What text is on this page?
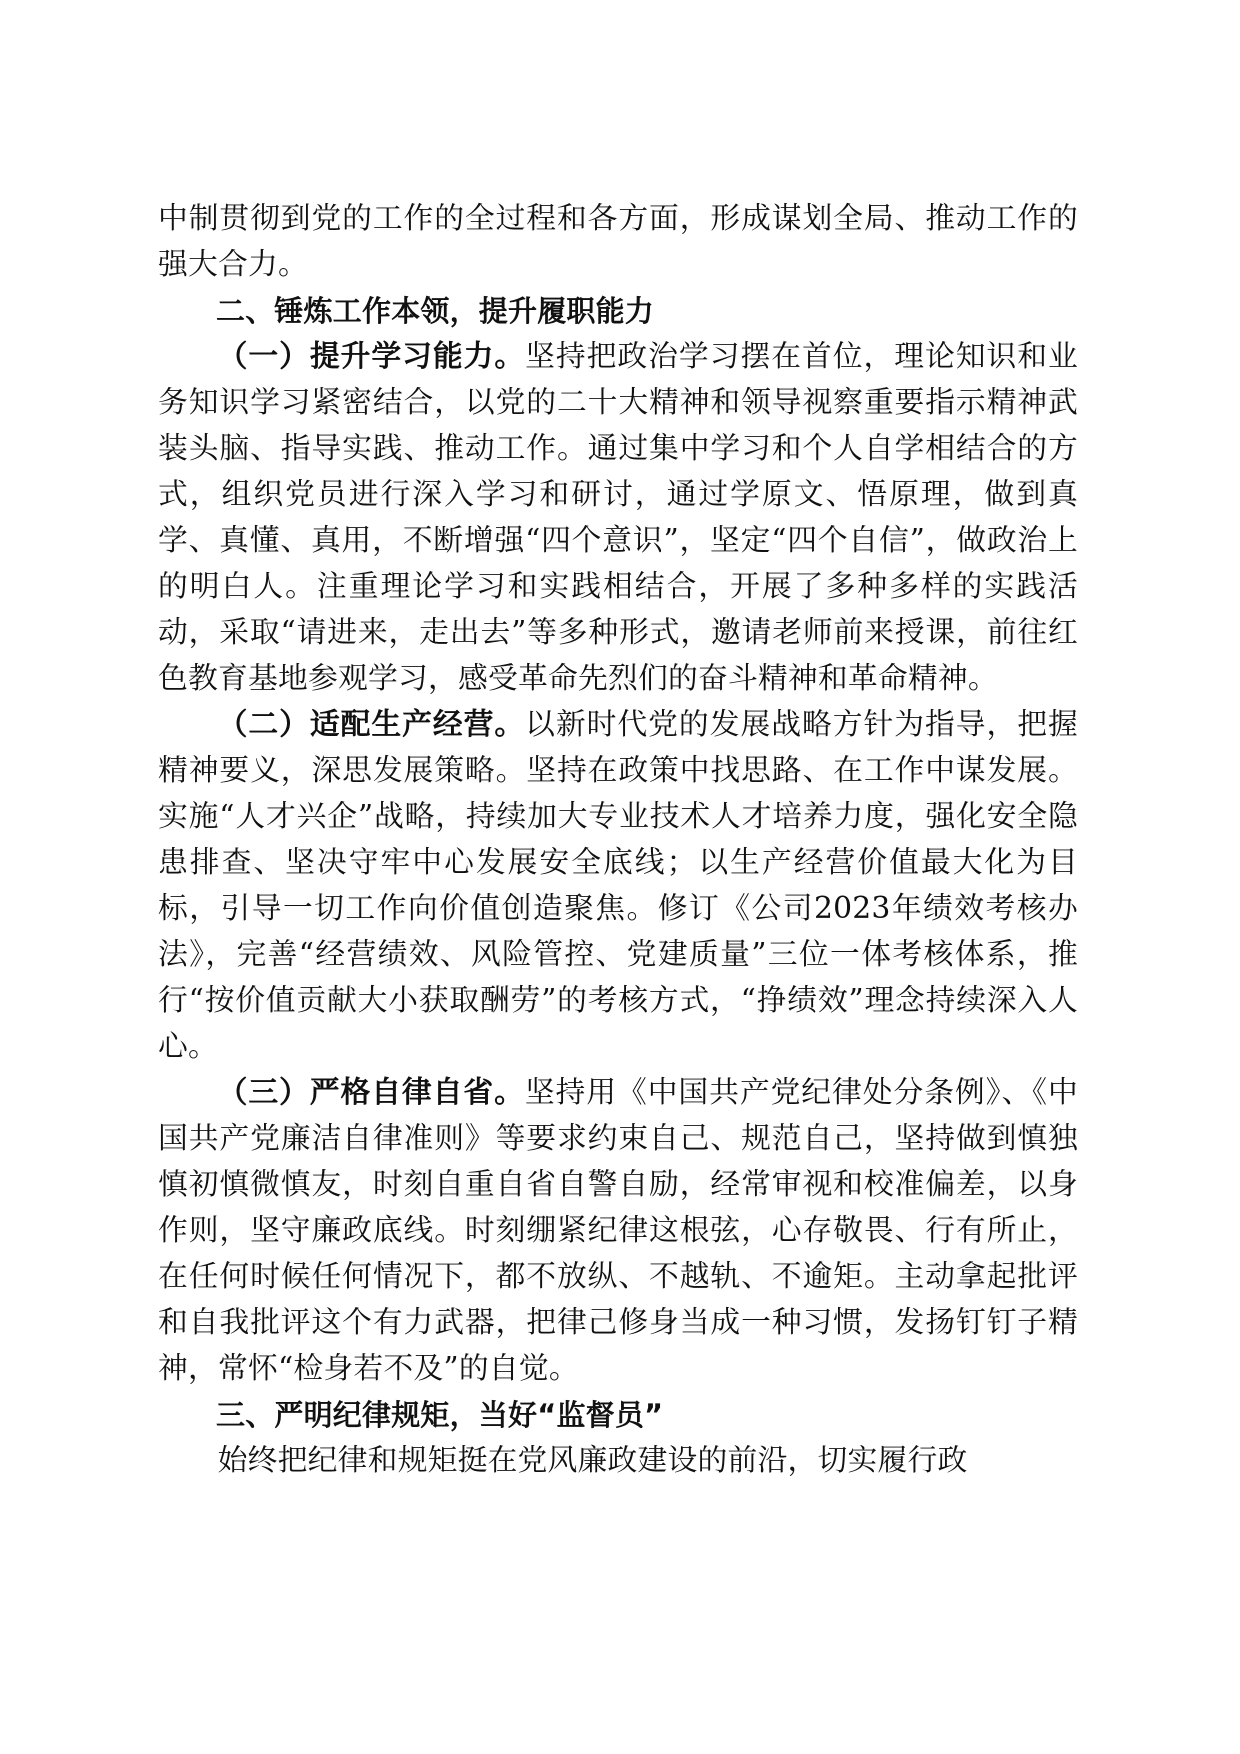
中制贯彻到党的工作的全过程和各方面，形成谋划全局、推动工作的强大合力。

二、锤炼工作本领，提升履职能力

（一）提升学习能力。坚持把政治学习摆在首位，理论知识和业务知识学习紧密结合，以党的二十大精神和领导视察重要指示精神武装头脑、指导实践、推动工作。通过集中学习和个人自学相结合的方式，组织党员进行深入学习和研讨，通过学原文、悟原理，做到真学、真懂、真用，不断增强“四个意识”，坚定“四个自信”，做政治上的明白人。注重理论学习和实践相结合，开展了多种多样的实践活动，采取“请进来，走出去”等多种形式，邀请老师前来授课，前往红色教育基地参观学习，感受革命先烈们的奋斗精神和革命精神。

（二）适配生产经营。以新时代党的发展战略方针为指导，把握精神要义，深思发展策略。坚持在政策中找思路、在工作中谋发展。实施“人才兴企”战略，持续加大专业技术人才培养力度，强化安全隐患排查、坚决守牢中心发展安全底线；以生产经营价值最大化为目标，引导一切工作向价值创造聚焦。修订《公司2023年绩效考核办法》，完善“经营绩效、风险管控、党建质量”三位一体考核体系，推行“按价值贡献大小获取酬劳”的考核方式，“挣绩效”理念持续深入人心。

（三）严格自律自省。坚持用《中国共产党纪律处分条例》、《中国共产党廉洁自律准则》等要求约束自己、规范自己，坚持做到慎独慎初慎微慎友，时刻自重自省自警自励，经常审视和校准偏差，以身作则，坚守廉政底线。时刻绷紧纪律这根弦，心存敬畏、行有所止，在任何时候任何情况下，都不放纵、不越轨、不逾矩。主动拿起批评和自我批评这个有力武器，把律己修身当成一种习惯，发扬钉钉子精神，常怀“检身若不及”的自觉。

三、严明纪律规矩，当好“监督员”

始终把纪律和规矩挺在党风廉政建设的前沿，切实履行政
